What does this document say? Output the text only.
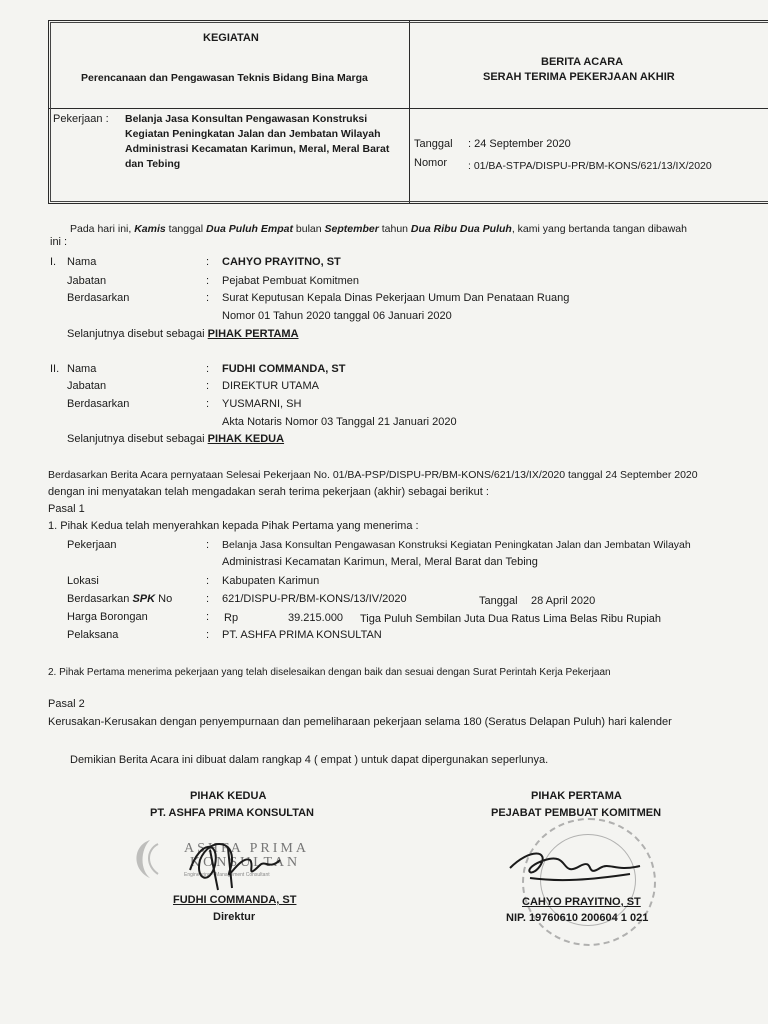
KEGIATAN
Perencanaan dan Pengawasan Teknis Bidang Bina Marga
BERITA ACARA
SERAH TERIMA PEKERJAAN AKHIR
Pekerjaan : Belanja Jasa Konsultan Pengawasan Konstruksi
Kegiatan Peningkatan Jalan dan Jembatan Wilayah
Administrasi Kecamatan Karimun, Meral, Meral Barat
dan Tebing
Tanggal : 24 September 2020
Nomor : 01/BA-STPA/DISPU-PR/BM-KONS/621/13/IX/2020
Pada hari ini, Kamis tanggal Dua Puluh Empat bulan September tahun Dua Ribu Dua Puluh, kami yang bertanda tangan dibawah
ini :
I. Nama	: CAHYO PRAYITNO, ST
Jabatan	: Pejabat Pembuat Komitmen
Berdasarkan	: Surat Keputusan Kepala Dinas Pekerjaan Umum Dan Penataan Ruang
Nomor 01 Tahun 2020 tanggal 06 Januari 2020
Selanjutnya disebut sebagai PIHAK PERTAMA
II. Nama	: FUDHI COMMANDA, ST
Jabatan	: DIREKTUR UTAMA
Berdasarkan	: YUSMARNI, SH
Akta Notaris Nomor 03 Tanggal 21 Januari 2020
Selanjutnya disebut sebagai PIHAK KEDUA
Berdasarkan Berita Acara pernyataan Selesai Pekerjaan No. 01/BA-PSP/DISPU-PR/BM-KONS/621/13/IX/2020 tanggal 24 September 2020
dengan ini menyatakan telah mengadakan serah terima pekerjaan (akhir) sebagai berikut :
Pasal 1
1. Pihak Kedua telah menyerahkan kepada Pihak Pertama yang menerima :
Pekerjaan	: Belanja Jasa Konsultan Pengawasan Konstruksi Kegiatan Peningkatan Jalan dan Jembatan Wilayah
Administrasi Kecamatan Karimun, Meral, Meral Barat dan Tebing
Lokasi	: Kabupaten Karimun
Berdasarkan SPK No	: 621/DISPU-PR/BM-KONS/13/IV/2020	Tanggal 28 April 2020
Harga Borongan	: Rp	39.215.000 Tiga Puluh Sembilan Juta Dua Ratus Lima Belas Ribu Rupiah
Pelaksana	: PT. ASHFA PRIMA KONSULTAN
2. Pihak Pertama menerima pekerjaan yang telah diselesaikan dengan baik dan sesuai dengan Surat Perintah Kerja Pekerjaan
Pasal 2
Kerusakan-Kerusakan dengan penyempurnaan dan pemeliharaan pekerjaan selama 180 (Seratus Delapan Puluh) hari kalender
Demikian Berita Acara ini dibuat dalam rangkap 4 ( empat ) untuk dapat dipergunakan seperlunya.
PIHAK KEDUA
PT. ASHFA PRIMA KONSULTAN
ASHFA PRIMA
KONSULTAN
Engineering · Management Consultant
FUDHI COMMANDA, ST
Direktur
PIHAK PERTAMA
PEJABAT PEMBUAT KOMITMEN
CAHYO PRAYITNO, ST
NIP. 19760610 200604 1 021
